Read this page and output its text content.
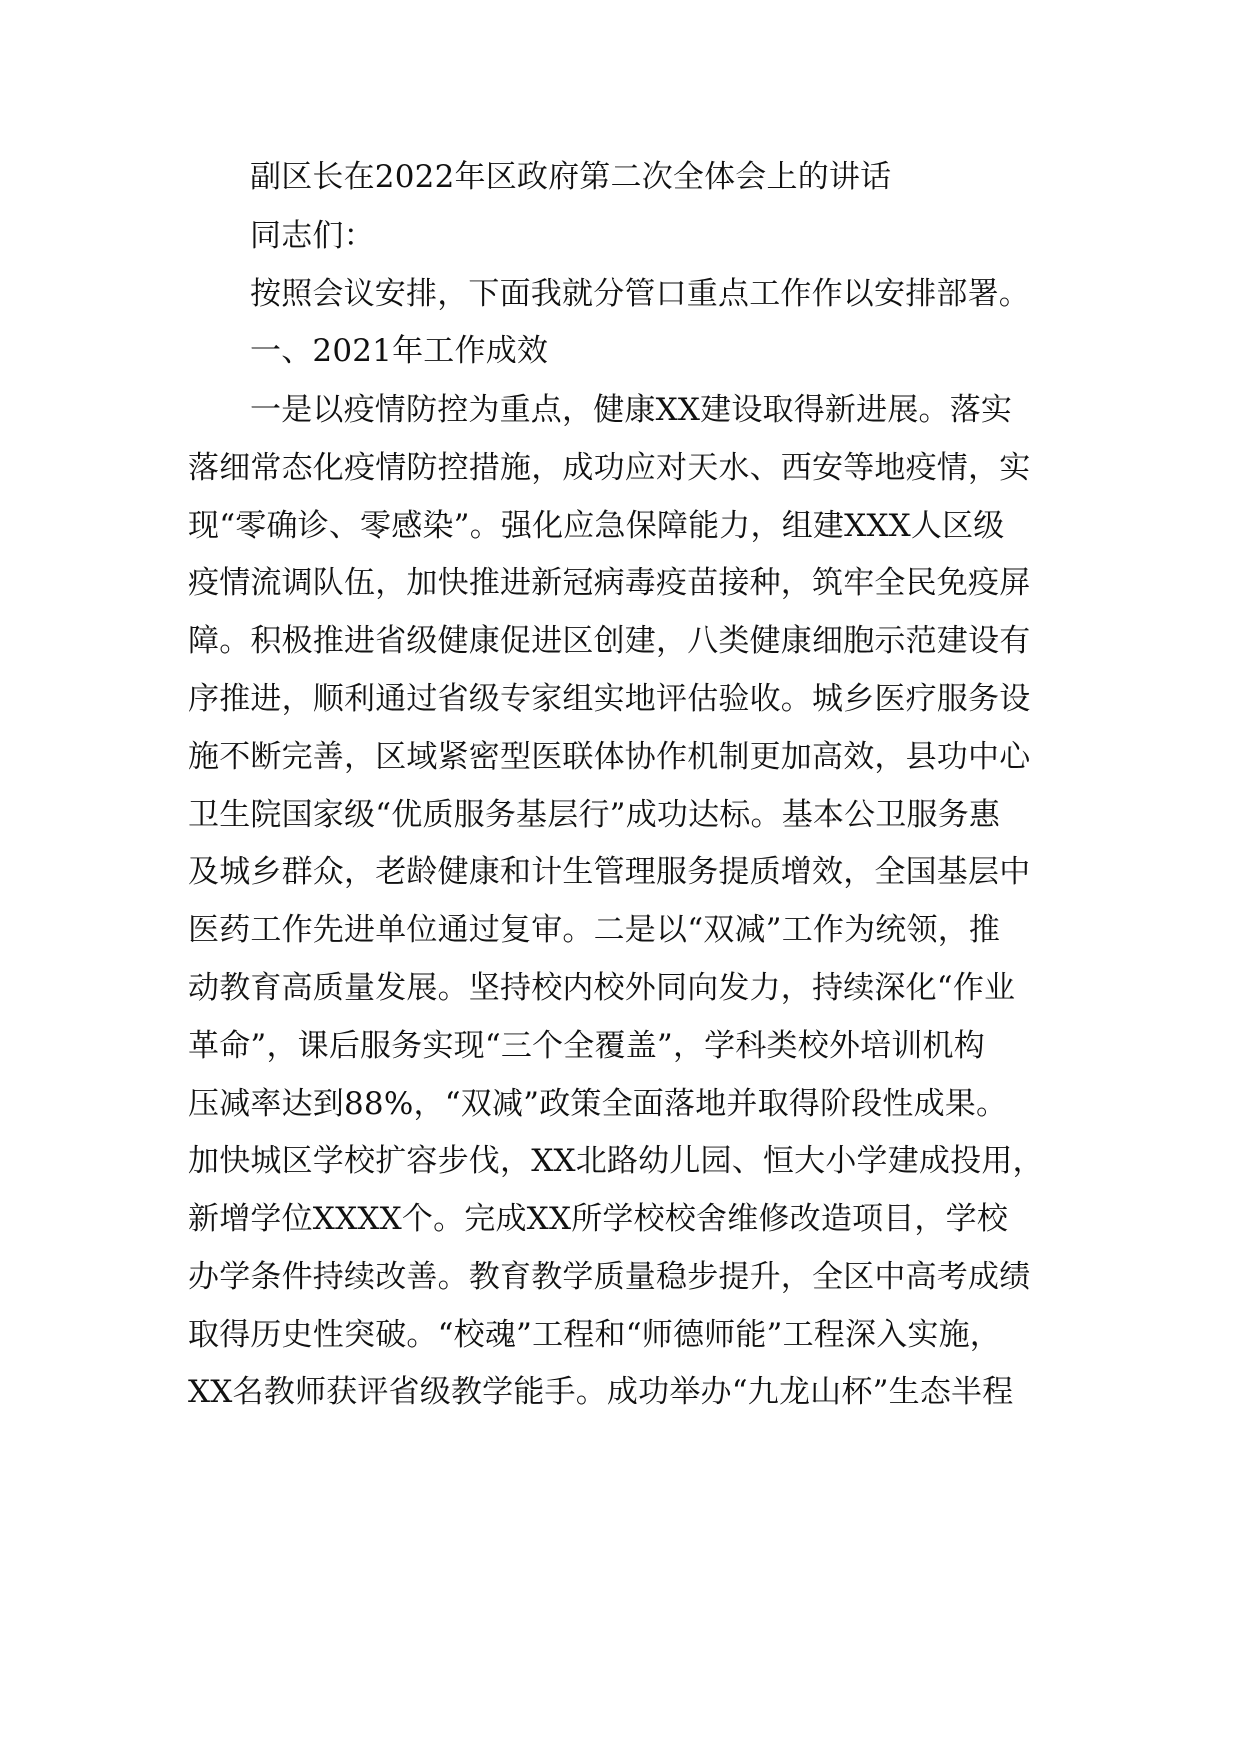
副区长在2022年区政府第二次全体会上的讲话
同志们：
按照会议安排，下面我就分管口重点工作作以安排部署。
一、2021年工作成效
一是以疫情防控为重点，健康XX建设取得新进展。落实
落细常态化疫情防控措施，成功应对天水、西安等地疫情，实
现“零确诊、零感染”。强化应急保障能力，组建XXX人区级
疫情流调队伍，加快推进新冠病毒疫苗接种，筑牢全民免疫屏
障。积极推进省级健康促进区创建，八类健康细胞示范建设有
序推进，顺利通过省级专家组实地评估验收。城乡医疗服务设
施不断完善，区域紧密型医联体协作机制更加高效，县功中心
卫生院国家级“优质服务基层行”成功达标。基本公卫服务惠
及城乡群众，老龄健康和计生管理服务提质增效，全国基层中
医药工作先进单位通过复审。二是以“双减”工作为统领，推
动教育高质量发展。坚持校内校外同向发力，持续深化“作业
革命”，课后服务实现“三个全覆盖”，学科类校外培训机构
压减率达到88%，“双减”政策全面落地并取得阶段性成果。
加快城区学校扩容步伐，XX北路幼儿园、恒大小学建成投用，
新增学位XXXX个。完成XX所学校校舍维修改造项目，学校
办学条件持续改善。教育教学质量稳步提升，全区中高考成绩
取得历史性突破。“校魂”工程和“师德师能”工程深入实施，
XX名教师获评省级教学能手。成功举办“九龙山杯”生态半程
